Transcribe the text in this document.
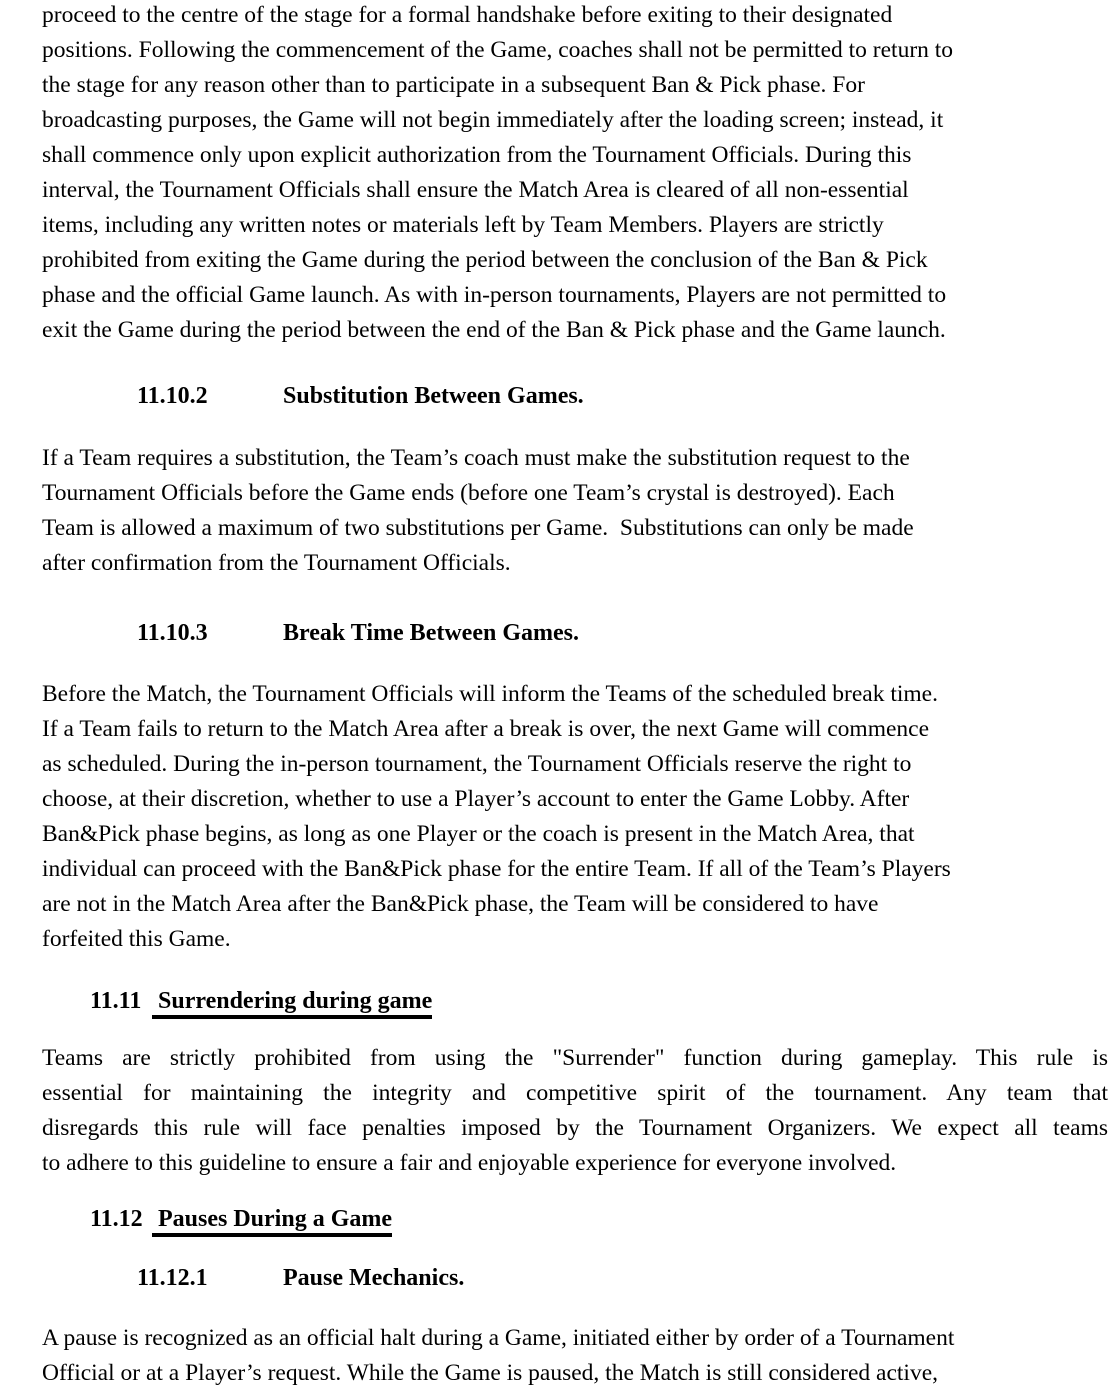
proceed to the centre of the stage for a formal handshake before exiting to their designated
positions. Following the commencement of the Game, coaches shall not be permitted to return to
the stage for any reason other than to participate in a subsequent Ban & Pick phase. For
broadcasting purposes, the Game will not begin immediately after the loading screen; instead, it
shall commence only upon explicit authorization from the Tournament Officials. During this
interval, the Tournament Officials shall ensure the Match Area is cleared of all non-essential
items, including any written notes or materials left by Team Members. Players are strictly
prohibited from exiting the Game during the period between the conclusion of the Ban & Pick
phase and the official Game launch. As with in-person tournaments, Players are not permitted to
exit the Game during the period between the end of the Ban & Pick phase and the Game launch.
11.10.2	Substitution Between Games.
If a Team requires a substitution, the Team’s coach must make the substitution request to the
Tournament Officials before the Game ends (before one Team’s crystal is destroyed). Each
Team is allowed a maximum of two substitutions per Game.  Substitutions can only be made
after confirmation from the Tournament Officials.
11.10.3	Break Time Between Games.
Before the Match, the Tournament Officials will inform the Teams of the scheduled break time.
If a Team fails to return to the Match Area after a break is over, the next Game will commence
as scheduled. During the in-person tournament, the Tournament Officials reserve the right to
choose, at their discretion, whether to use a Player’s account to enter the Game Lobby. After
Ban&Pick phase begins, as long as one Player or the coach is present in the Match Area, that
individual can proceed with the Ban&Pick phase for the entire Team. If all of the Team’s Players
are not in the Match Area after the Ban&Pick phase, the Team will be considered to have
forfeited this Game.
11.11 Surrendering during game
Teams are strictly prohibited from using the "Surrender" function during gameplay. This rule is
essential for maintaining the integrity and competitive spirit of the tournament. Any team that
disregards this rule will face penalties imposed by the Tournament Organizers. We expect all teams
to adhere to this guideline to ensure a fair and enjoyable experience for everyone involved.
11.12 Pauses During a Game
11.12.1	Pause Mechanics.
A pause is recognized as an official halt during a Game, initiated either by order of a Tournament
Official or at a Player’s request. While the Game is paused, the Match is still considered active,
